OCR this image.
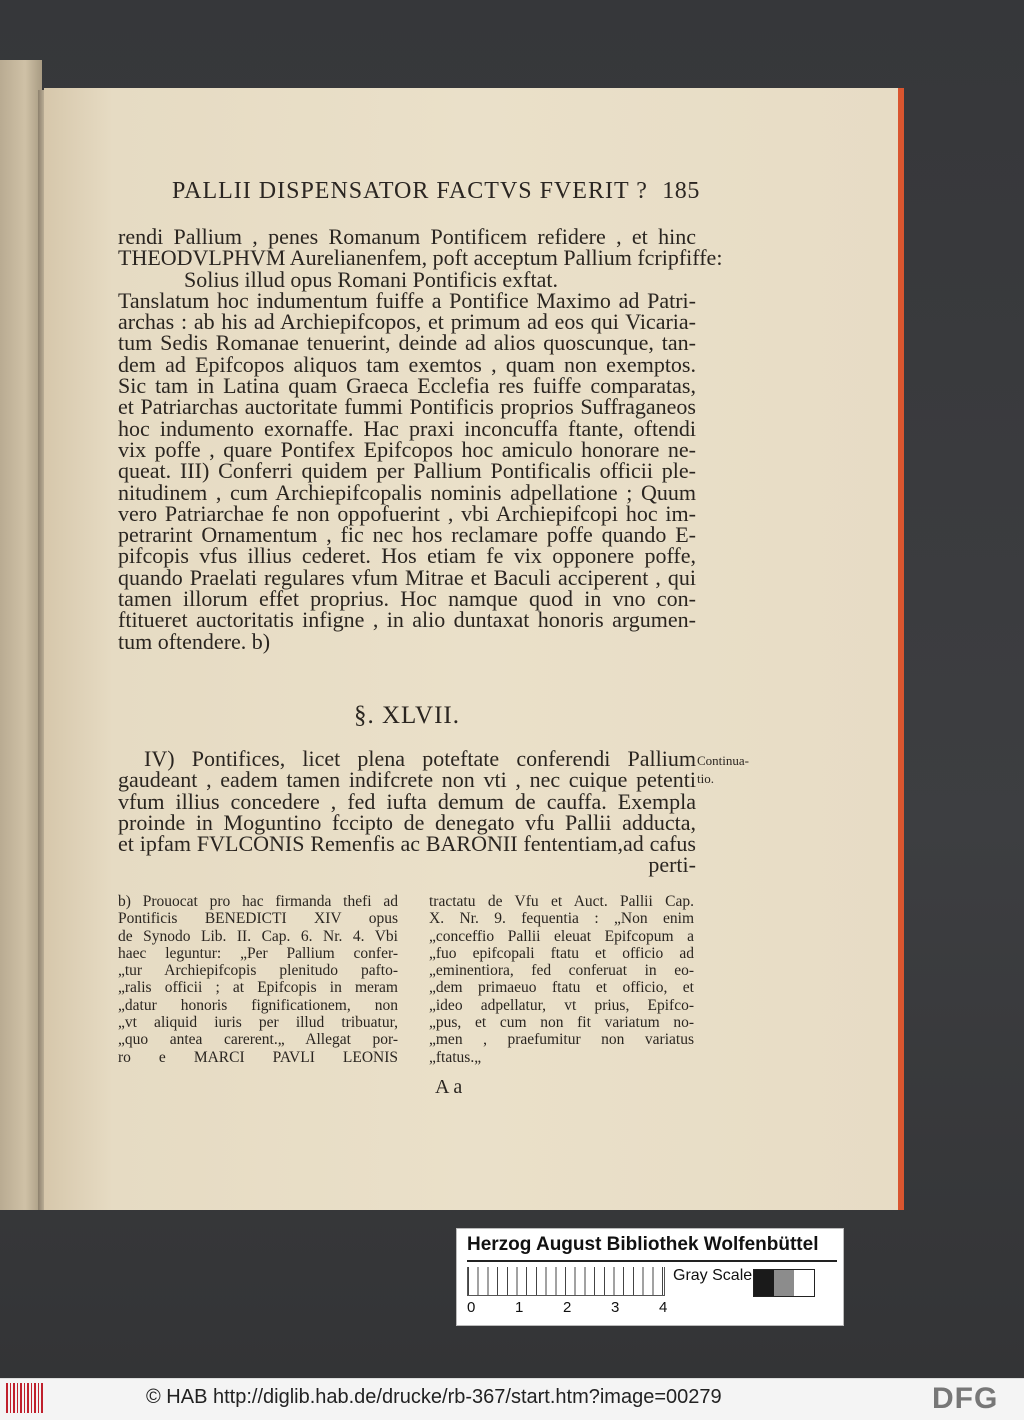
PALLII DISPENSATOR FACTVS FVERIT ? 185
rendi Pallium , penes Romanum Pontificem refidere , et hinc
THEODVLPHVM Aurelianenfem, poft acceptum Pallium fcripfiffe:
Solius illud opus Romani Pontificis exftat.
Tanslatum hoc indumentum fuiffe a Pontifice Maximo ad Patri-
archas : ab his ad Archiepifcopos, et primum ad eos qui Vicaria-
tum Sedis Romanae tenuerint, deinde ad alios quoscunque, tan-
dem ad Epifcopos aliquos tam exemtos , quam non exemptos.
Sic tam in Latina quam Graeca Ecclefia res fuiffe comparatas,
et Patriarchas auctoritate fummi Pontificis proprios Suffraganeos
hoc indumento exornaffe. Hac praxi inconcuffa ftante, oftendi
vix poffe , quare Pontifex Epifcopos hoc amiculo honorare ne-
queat. III) Conferri quidem per Pallium Pontificalis officii ple-
nitudinem , cum Archiepifcopalis nominis adpellatione ; Quum
vero Patriarchae fe non oppofuerint , vbi Archiepifcopi hoc im-
petrarint Ornamentum , fic nec hos reclamare poffe quando E-
pifcopis vfus illius cederet. Hos etiam fe vix opponere poffe,
quando Praelati regulares vfum Mitrae et Baculi acciperent , qui
tamen illorum effet proprius. Hoc namque quod in vno con-
ftitueret auctoritatis infigne , in alio duntaxat honoris argumen-
tum oftendere. b)
§. XLVII.
IV) Pontifices, licet plena poteftate conferendi Pallium
gaudeant , eadem tamen indifcrete non vti , nec cuique petenti
vfum illius concedere , fed iufta demum de cauffa. Exempla
proinde in Moguntino fccipto de denegato vfu Pallii adducta,
et ipfam FVLCONIS Remenfis ac BARONII fententiam,ad cafus
perti-
Continua-
tio.
b) Prouocat pro hac firmanda thefi ad
Pontificis BENEDICTI XIV opus
de Synodo Lib. II. Cap. 6. Nr. 4. Vbi
haec leguntur: „Per Pallium confer-
„tur Archiepifcopis plenitudo pafto-
„ralis officii ; at Epifcopis in meram
„datur honoris fignificationem, non
„vt aliquid iuris per illud tribuatur,
„quo antea carerent.„ Allegat por-
ro e MARCI PAVLI LEONIS
tractatu de Vfu et Auct. Pallii Cap.
X. Nr. 9. fequentia : „Non enim
„conceffio Pallii eleuat Epifcopum a
„fuo epifcopali ftatu et officio ad
„eminentiora, fed conferuat in eo-
„dem primaeuo ftatu et officio, et
„ideo adpellatur, vt prius, Epifco-
„pus, et cum non fit variatum no-
„men , praefumitur non variatus
„ftatus.„
A a
Herzog August Bibliothek Wolfenbüttel
0	1	2	3	4
Gray Scale
© HAB http://diglib.hab.de/drucke/rb-367/start.htm?image=00279	DFG
